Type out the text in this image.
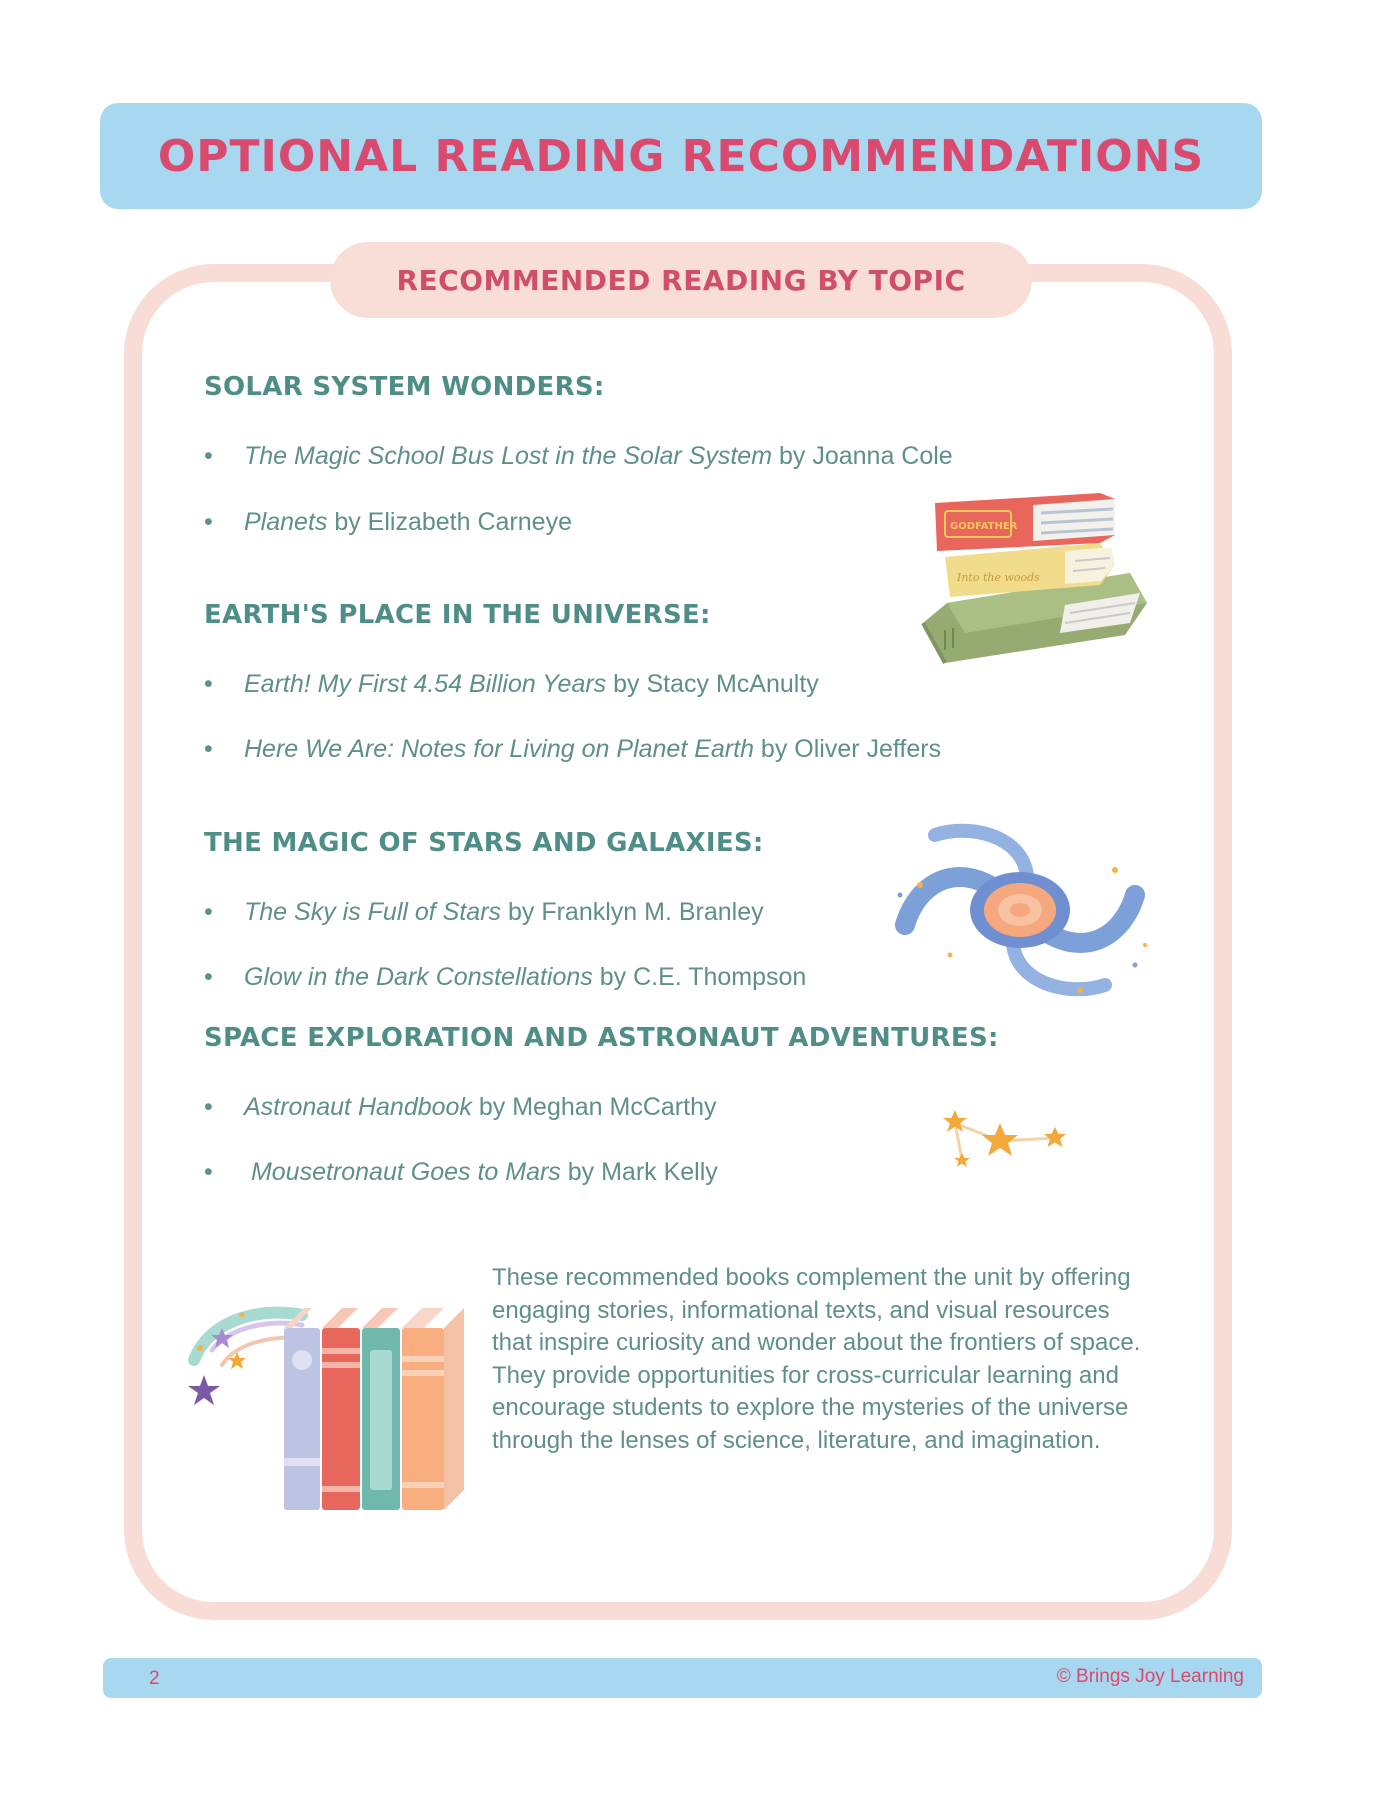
OPTIONAL READING RECOMMENDATIONS
RECOMMENDED READING BY TOPIC
SOLAR SYSTEM WONDERS:
• The Magic School Bus Lost in the Solar System by Joanna Cole
• Planets by Elizabeth Carneye
EARTH'S PLACE IN THE UNIVERSE:
• Earth! My First 4.54 Billion Years by Stacy McAnulty
• Here We Are: Notes for Living on Planet Earth by Oliver Jeffers
THE MAGIC OF STARS AND GALAXIES:
• The Sky is Full of Stars by Franklyn M. Branley
• Glow in the Dark Constellations by C.E. Thompson
SPACE EXPLORATION AND ASTRONAUT ADVENTURES:
• Astronaut Handbook by Meghan McCarthy
• Mousetronaut Goes to Mars by Mark Kelly
Into the woods
GODFATHER

These recommended books complement the unit by offering engaging stories, informational texts, and visual resources that inspire curiosity and wonder about the frontiers of space. They provide opportunities for cross-curricular learning and encourage students to explore the mysteries of the universe through the lenses of science, literature, and imagination.

2	© Brings Joy Learning
